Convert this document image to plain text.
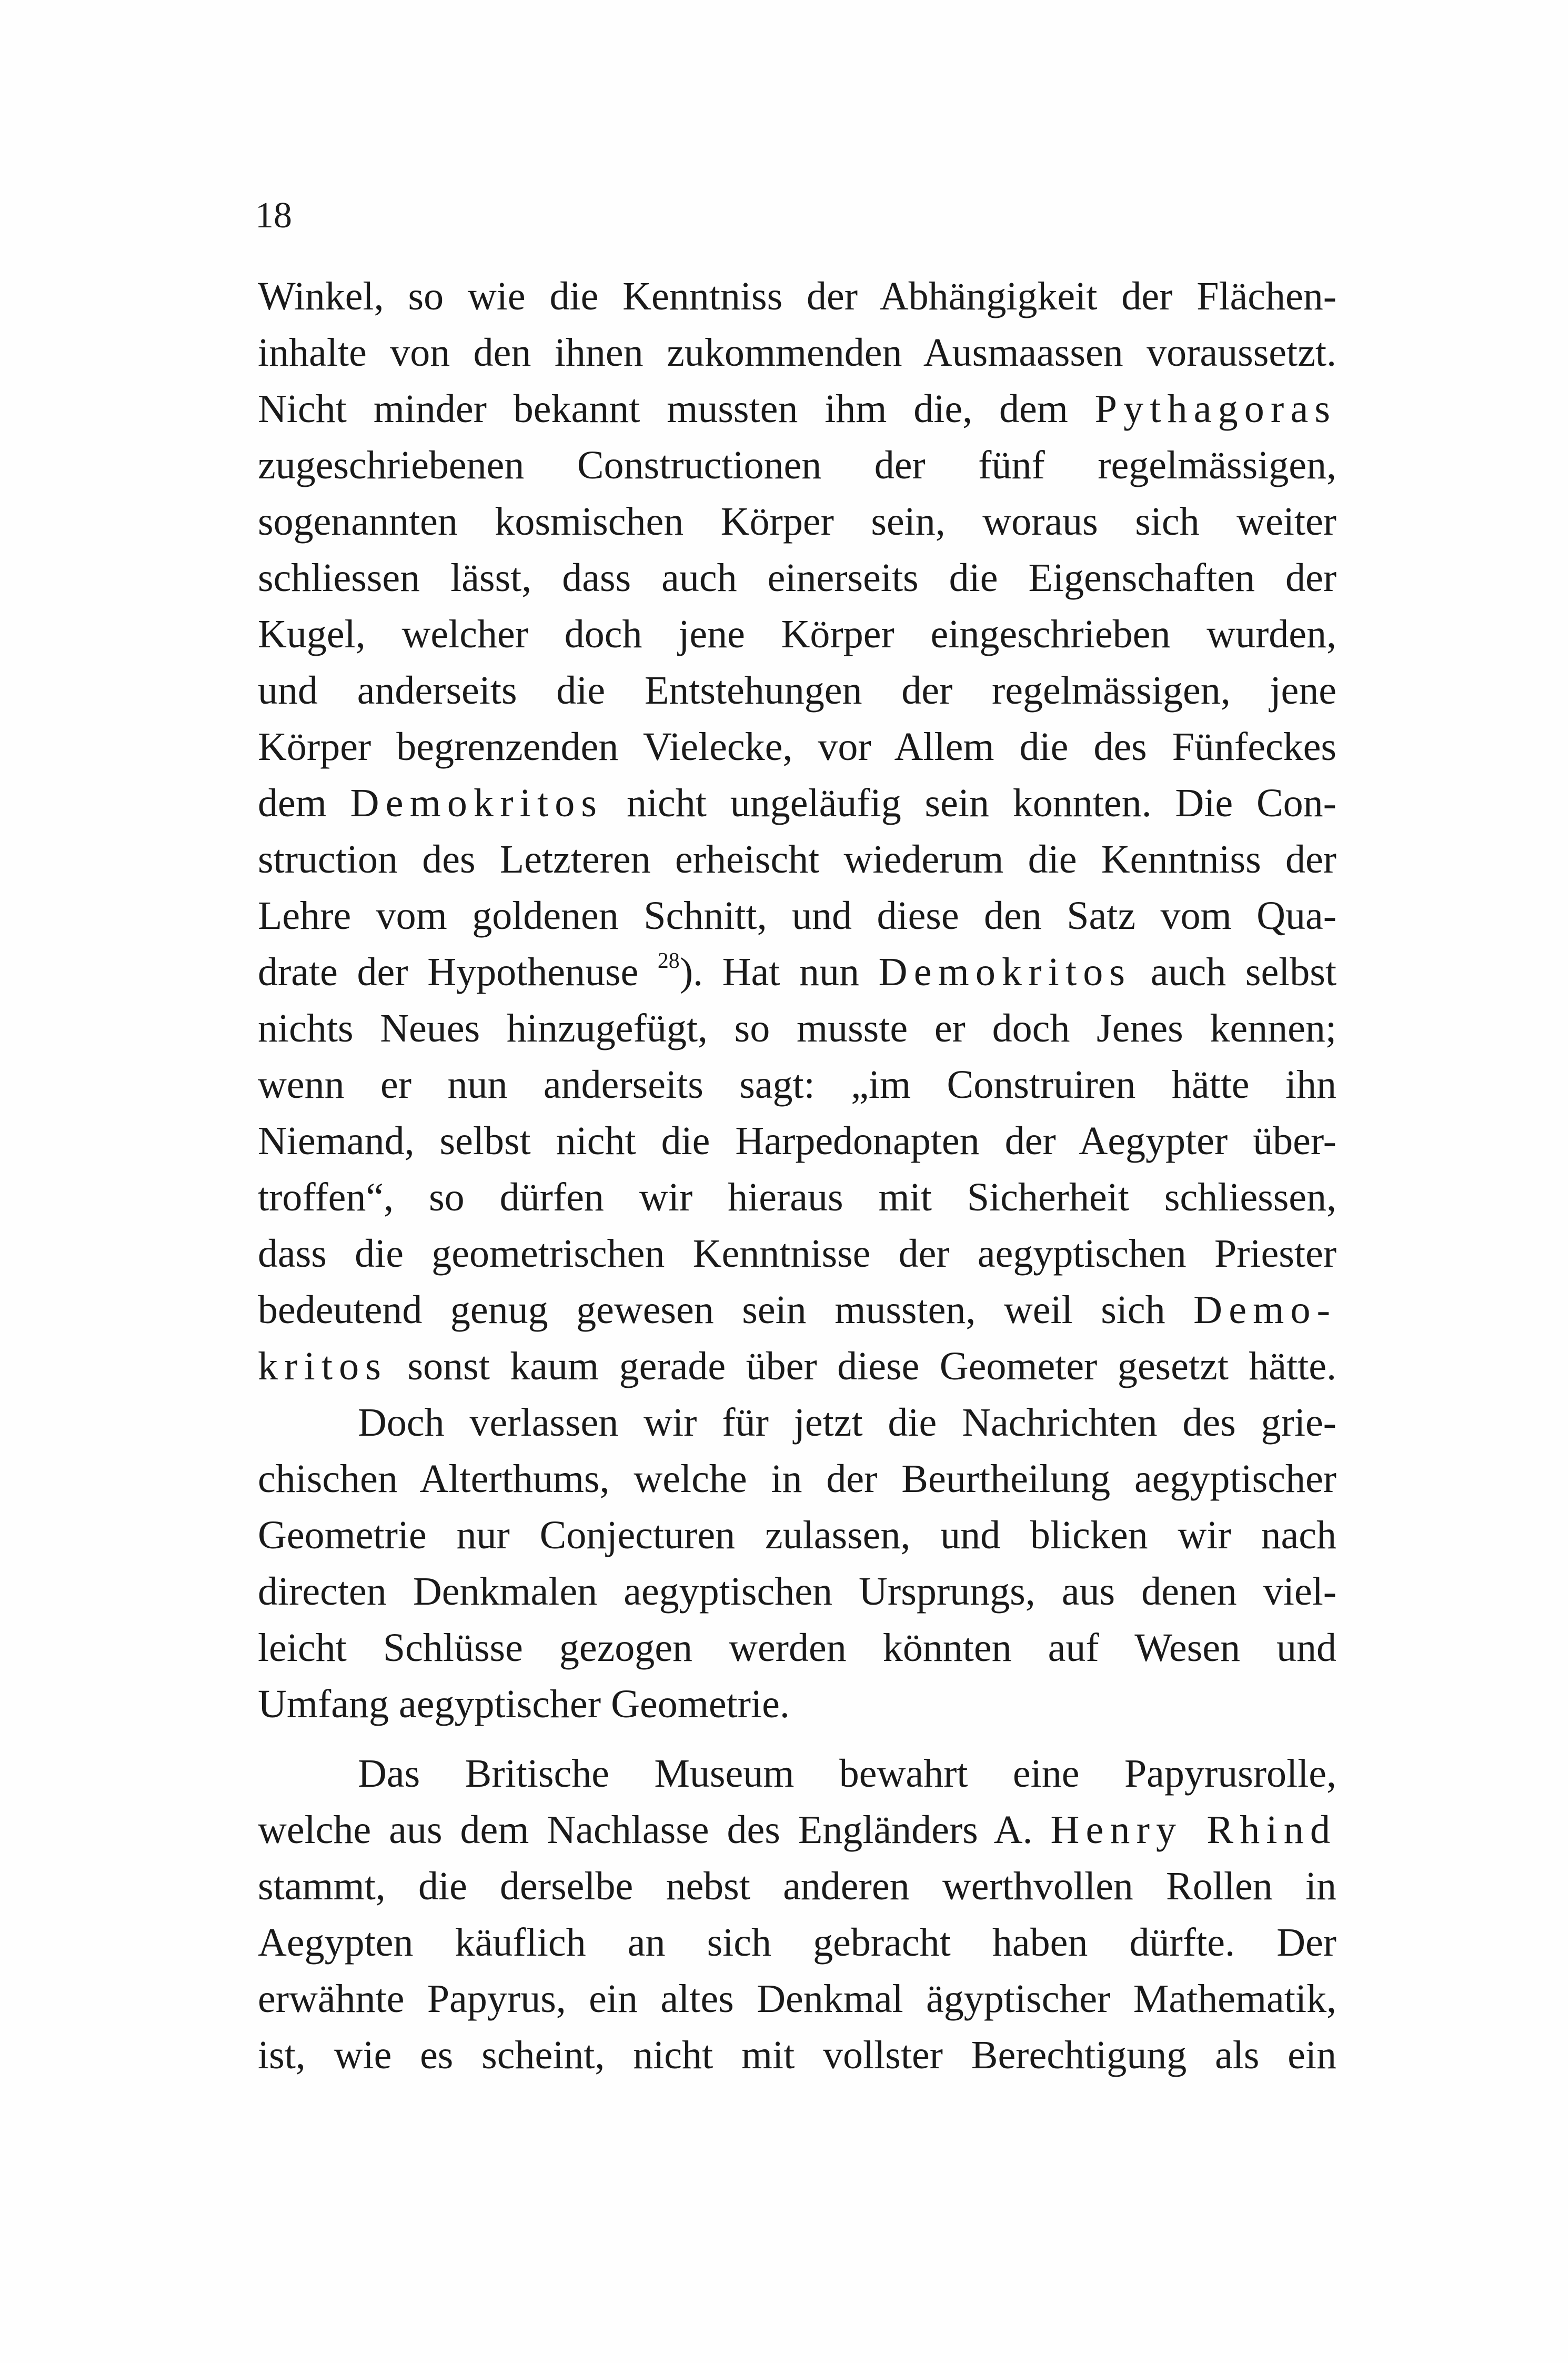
18
Winkel, so wie die Kenntniss der Abhängigkeit der Flächen-
inhalte von den ihnen zukommenden Ausmaassen voraussetzt.
Nicht minder bekannt mussten ihm die, dem Pythagoras
zugeschriebenen Constructionen der fünf regelmässigen,
sogenannten kosmischen Körper sein, woraus sich weiter
schliessen lässt, dass auch einerseits die Eigenschaften der
Kugel, welcher doch jene Körper eingeschrieben wurden,
und anderseits die Entstehungen der regelmässigen, jene
Körper begrenzenden Vielecke, vor Allem die des Fünfeckes
dem Demokritos nicht ungeläufig sein konnten. Die Con-
struction des Letzteren erheischt wiederum die Kenntniss der
Lehre vom goldenen Schnitt, und diese den Satz vom Qua-
drate der Hypothenuse $^{28}$). Hat nun Demokritos auch selbst
nichts Neues hinzugefügt, so musste er doch Jenes kennen;
wenn er nun anderseits sagt: „im Construiren hätte ihn
Niemand, selbst nicht die Harpedonapten der Aegypter über-
troffen“, so dürfen wir hieraus mit Sicherheit schliessen,
dass die geometrischen Kenntnisse der aegyptischen Priester
bedeutend genug gewesen sein mussten, weil sich Demo-
kritos sonst kaum gerade über diese Geometer gesetzt hätte.
Doch verlassen wir für jetzt die Nachrichten des grie-
chischen Alterthums, welche in der Beurtheilung aegyptischer
Geometrie nur Conjecturen zulassen, und blicken wir nach
directen Denkmalen aegyptischen Ursprungs, aus denen viel-
leicht Schlüsse gezogen werden könnten auf Wesen und
Umfang aegyptischer Geometrie.
Das Britische Museum bewahrt eine Papyrusrolle,
welche aus dem Nachlasse des Engländers A. Henry Rhind
stammt, die derselbe nebst anderen werthvollen Rollen in
Aegypten käuflich an sich gebracht haben dürfte. Der
erwähnte Papyrus, ein altes Denkmal ägyptischer Mathematik,
ist, wie es scheint, nicht mit vollster Berechtigung als ein
